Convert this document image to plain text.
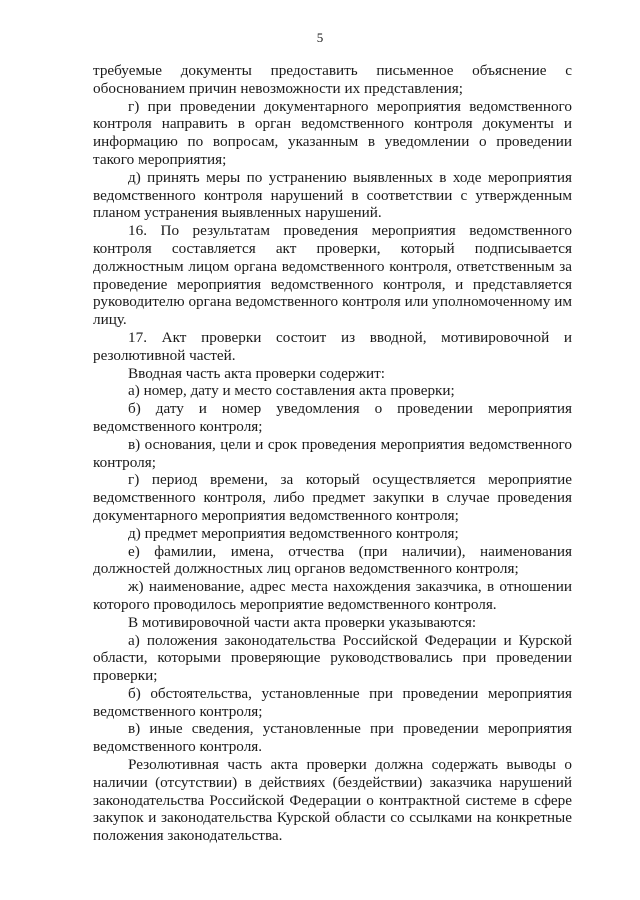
5

требуемые документы предоставить письменное объяснение с обоснованием причин невозможности их представления;

г) при проведении документарного мероприятия ведомственного контроля направить в орган ведомственного контроля документы и информацию по вопросам, указанным в уведомлении о проведении такого мероприятия;

д) принять меры по устранению выявленных в ходе мероприятия ведомственного контроля нарушений в соответствии с утвержденным планом устранения выявленных нарушений.

16. По результатам проведения мероприятия ведомственного контроля составляется акт проверки, который подписывается должностным лицом органа ведомственного контроля, ответственным за проведение мероприятия ведомственного контроля, и представляется руководителю органа ведомственного контроля или уполномоченному им лицу.

17. Акт проверки состоит из вводной, мотивировочной и резолютивной частей.

Вводная часть акта проверки содержит:

а) номер, дату и место составления акта проверки;

б) дату и номер уведомления о проведении мероприятия ведомственного контроля;

в) основания, цели и срок проведения мероприятия ведомственного контроля;

г) период времени, за который осуществляется мероприятие ведомственного контроля, либо предмет закупки в случае проведения документарного мероприятия ведомственного контроля;

д) предмет мероприятия ведомственного контроля;

е) фамилии, имена, отчества (при наличии), наименования должностей должностных лиц органов ведомственного контроля;

ж) наименование, адрес места нахождения заказчика, в отношении которого проводилось мероприятие ведомственного контроля.

В мотивировочной части акта проверки указываются:

а) положения законодательства Российской Федерации и Курской области, которыми проверяющие руководствовались при проведении проверки;

б) обстоятельства, установленные при проведении мероприятия ведомственного контроля;

в) иные сведения, установленные при проведении мероприятия ведомственного контроля.

Резолютивная часть акта проверки должна содержать выводы о наличии (отсутствии) в действиях (бездействии) заказчика нарушений законодательства Российской Федерации о контрактной системе в сфере закупок и законодательства Курской области со ссылками на конкретные положения законодательства.
